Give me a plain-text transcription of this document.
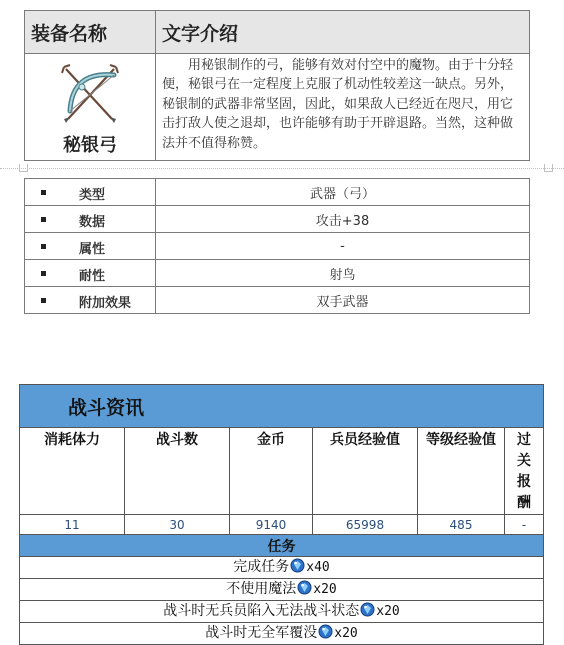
装备名称	文字介绍

秘银弓	用秘银制作的弓，能够有效对付空中的魔物。由于十分轻便，秘银弓在一定程度上克服了机动性较差这一缺点。另外，秘银制的武器非常坚固，因此，如果敌人已经近在咫尺，用它击打敌人使之退却，也许能够有助于开辟退路。当然，这种做法并不值得称赞。
类型	武器（弓）

数据	攻击+38

属性	-

耐性	射鸟

附加效果	双手武器
战斗资讯					
消耗体力	战斗数	金币	兵员经验值	等级经验值	过关报酬
11	30	9140	65998	485	-
任务					
完成任务 x40					
不使用魔法 x20					
战斗时无兵员陷入无法战斗状态 x20					
战斗时无全军覆没 x20					
